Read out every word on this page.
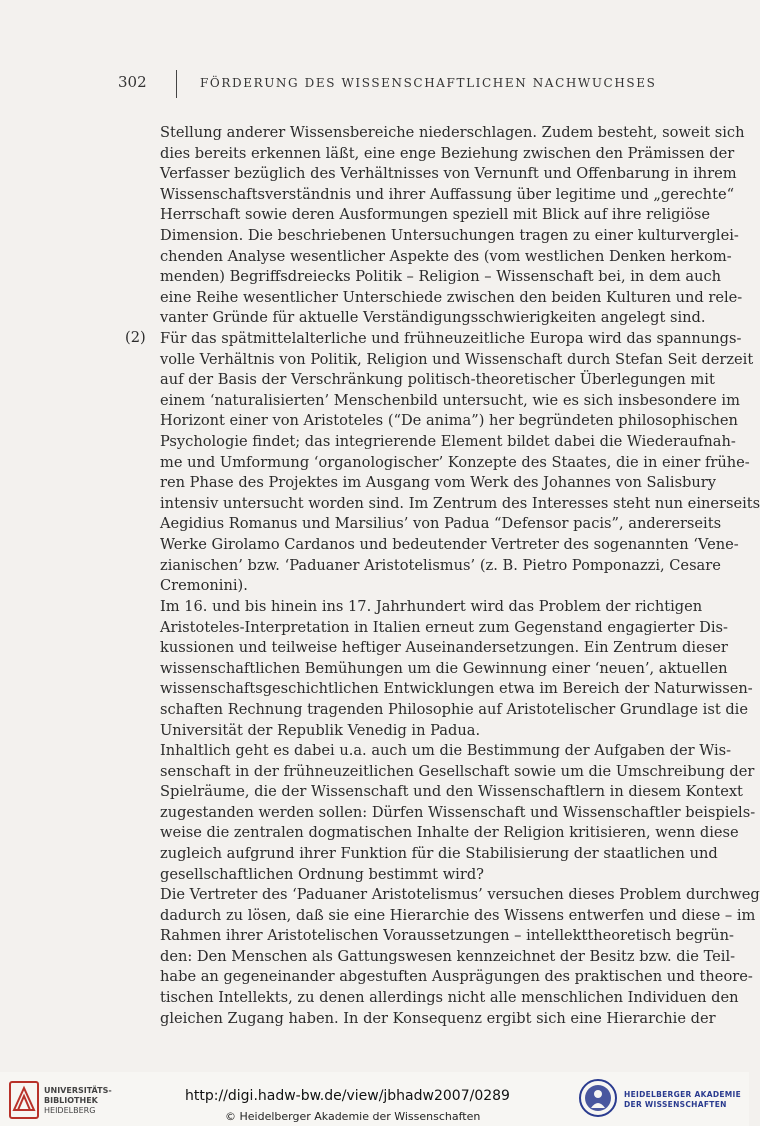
302	FÖRDERUNG DES WISSENSCHAFTLICHEN NACHWUCHSES
Stellung anderer Wissensbereiche niederschlagen. Zudem besteht, soweit sich
dies bereits erkennen läßt, eine enge Beziehung zwischen den Prämissen der
Verfasser bezüglich des Verhältnisses von Vernunft und Offenbarung in ihrem
Wissenschaftsverständnis und ihrer Auffassung über legitime und „gerechte“
Herrschaft sowie deren Ausformungen speziell mit Blick auf ihre religiöse
Dimension. Die beschriebenen Untersuchungen tragen zu einer kulturverglei-
chenden Analyse wesentlicher Aspekte des (vom westlichen Denken herkom-
menden) Begriffsdreiecks Politik – Religion – Wissenschaft bei, in dem auch
eine Reihe wesentlicher Unterschiede zwischen den beiden Kulturen und rele-
vanter Gründe für aktuelle Verständigungsschwierigkeiten angelegt sind.
(2) Für das spätmittelalterliche und frühneuzeitliche Europa wird das spannungs-
volle Verhältnis von Politik, Religion und Wissenschaft durch Stefan Seit derzeit
auf der Basis der Verschränkung politisch-theoretischer Überlegungen mit
einem ‘naturalisierten’ Menschenbild untersucht, wie es sich insbesondere im
Horizont einer von Aristoteles (“De anima”) her begründeten philosophischen
Psychologie findet; das integrierende Element bildet dabei die Wiederaufnah-
me und Umformung ‘organologischer’ Konzepte des Staates, die in einer frühe-
ren Phase des Projektes im Ausgang vom Werk des Johannes von Salisbury
intensiv untersucht worden sind. Im Zentrum des Interesses steht nun einerseits
Aegidius Romanus und Marsilius’ von Padua “Defensor pacis”, andererseits
Werke Girolamo Cardanos und bedeutender Vertreter des sogenannten ‘Vene-
zianischen’ bzw. ‘Paduaner Aristotelismus’ (z. B. Pietro Pomponazzi, Cesare
Cremonini).
Im 16. und bis hinein ins 17. Jahrhundert wird das Problem der richtigen
Aristoteles-Interpretation in Italien erneut zum Gegenstand engagierter Dis-
kussionen und teilweise heftiger Auseinandersetzungen. Ein Zentrum dieser
wissenschaftlichen Bemühungen um die Gewinnung einer ‘neuen’, aktuellen
wissenschaftsgeschichtlichen Entwicklungen etwa im Bereich der Naturwissen-
schaften Rechnung tragenden Philosophie auf Aristotelischer Grundlage ist die
Universität der Republik Venedig in Padua.
Inhaltlich geht es dabei u.a. auch um die Bestimmung der Aufgaben der Wis-
senschaft in der frühneuzeitlichen Gesellschaft sowie um die Umschreibung der
Spielräume, die der Wissenschaft und den Wissenschaftlern in diesem Kontext
zugestanden werden sollen: Dürfen Wissenschaft und Wissenschaftler beispiels-
weise die zentralen dogmatischen Inhalte der Religion kritisieren, wenn diese
zugleich aufgrund ihrer Funktion für die Stabilisierung der staatlichen und
gesellschaftlichen Ordnung bestimmt wird?
Die Vertreter des ‘Paduaner Aristotelismus’ versuchen dieses Problem durchweg
dadurch zu lösen, daß sie eine Hierarchie des Wissens entwerfen und diese – im
Rahmen ihrer Aristotelischen Voraussetzungen – intellekttheoretisch begrün-
den: Den Menschen als Gattungswesen kennzeichnet der Besitz bzw. die Teil-
habe an gegeneinander abgestuften Ausprägungen des praktischen und theore-
tischen Intellekts, zu denen allerdings nicht alle menschlichen Individuen den
gleichen Zugang haben. In der Konsequenz ergibt sich eine Hierarchie der
UNIVERSITÄTS-
BIBLIOTHEK
HEIDELBERG
http://digi.hadw-bw.de/view/jbhadw2007/0289
© Heidelberger Akademie der Wissenschaften
HEIDELBERGER AKADEMIE
DER WISSENSCHAFTEN
